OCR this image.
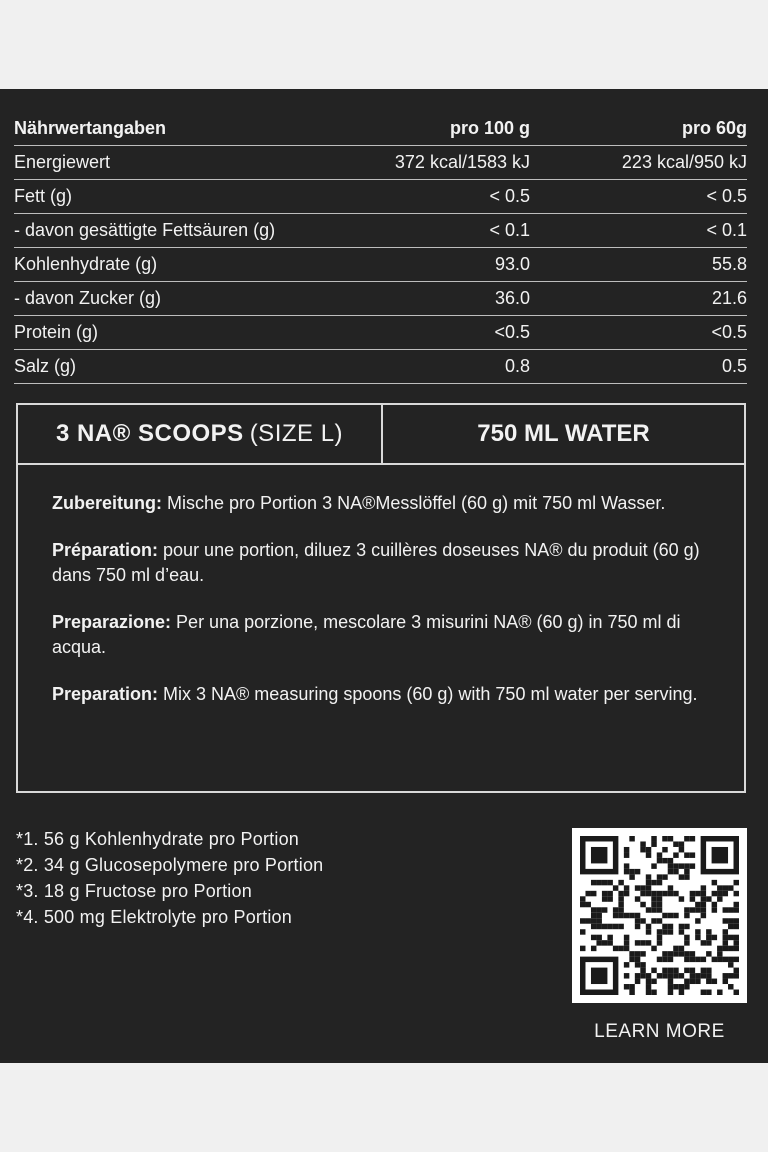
Nährwertangaben	pro 100 g	pro 60g
Energiewert	372 kcal/1583 kJ	223 kcal/950 kJ
Fett (g)	< 0.5	< 0.5
- davon gesättigte Fettsäuren (g)	< 0.1	< 0.1
Kohlenhydrate (g)	93.0	55.8
- davon Zucker (g)	36.0	21.6
Protein (g)	<0.5	<0.5
Salz (g)	0.8	0.5
3 NA® SCOOPS (SIZE L)	750 ML WATER

Zubereitung: Mische pro Portion 3 NA®Messlöffel (60 g) mit 750 ml Wasser.

Préparation: pour une portion, diluez 3 cuillères doseuses NA® du produit (60 g) dans 750 ml d’eau.

Preparazione: Per una porzione, mescolare 3 misurini NA® (60 g) in 750 ml di acqua.

Preparation: Mix 3 NA® measuring spoons (60 g) with 750 ml water per serving.

*1. 56 g Kohlenhydrate pro Portion
*2. 34 g Glucosepolymere pro Portion
*3. 18 g Fructose pro Portion
*4. 500 mg Elektrolyte pro Portion
LEARN MORE
